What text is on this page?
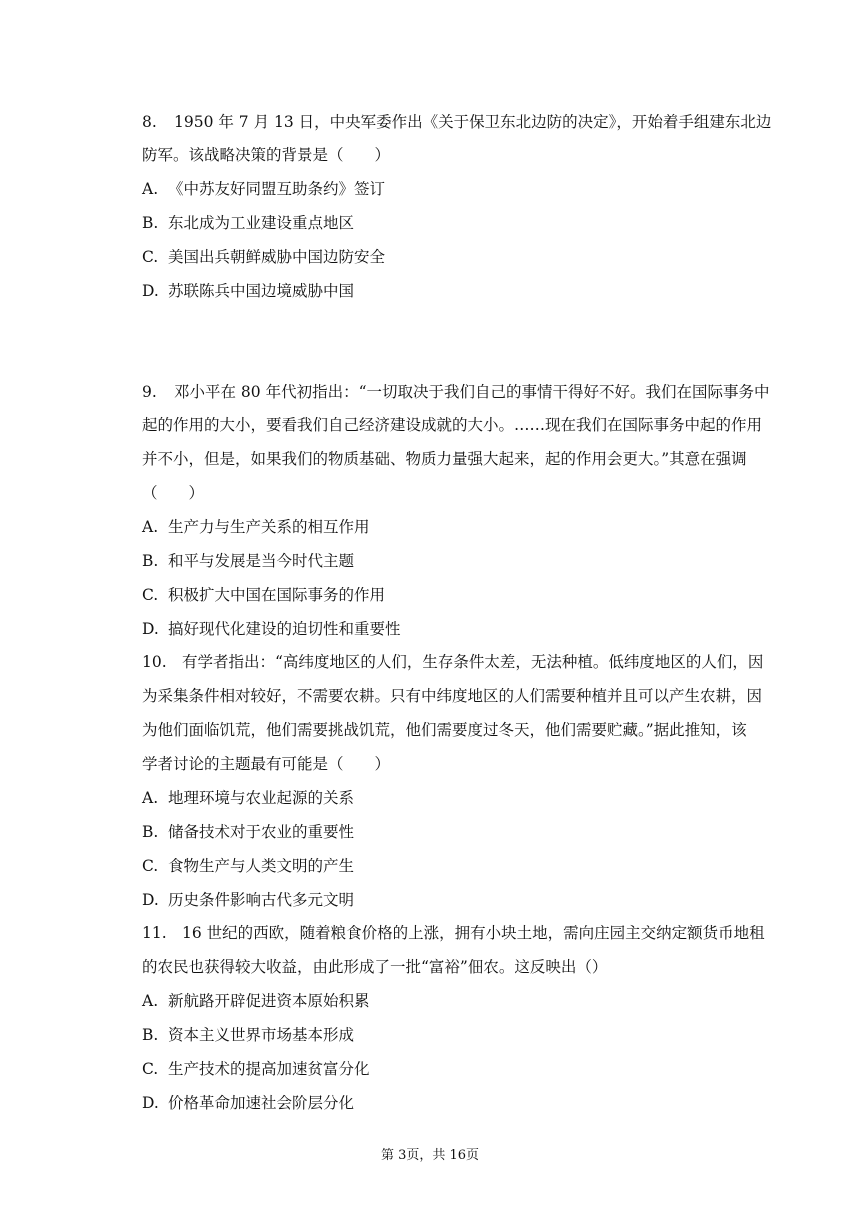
8. 1950 年 7 月 13 日，中央军委作出《关于保卫东北边防的决定》，开始着手组建东北边
防军。该战略决策的背景是（　　）
A. 《中苏友好同盟互助条约》签订
B. 东北成为工业建设重点地区
C. 美国出兵朝鲜威胁中国边防安全
D. 苏联陈兵中国边境威胁中国
9. 邓小平在 80 年代初指出：“一切取决于我们自己的事情干得好不好。我们在国际事务中
起的作用的大小，要看我们自己经济建设成就的大小。……现在我们在国际事务中起的作用
并不小，但是，如果我们的物质基础、物质力量强大起来，起的作用会更大。”其意在强调
（　　）
A. 生产力与生产关系的相互作用
B. 和平与发展是当今时代主题
C. 积极扩大中国在国际事务的作用
D. 搞好现代化建设的迫切性和重要性
10. 有学者指出：“高纬度地区的人们，生存条件太差，无法种植。低纬度地区的人们，因
为采集条件相对较好，不需要农耕。只有中纬度地区的人们需要种植并且可以产生农耕，因
为他们面临饥荒，他们需要挑战饥荒，他们需要度过冬天，他们需要贮藏。”据此推知，该
学者讨论的主题最有可能是（　　）
A. 地理环境与农业起源的关系
B. 储备技术对于农业的重要性
C. 食物生产与人类文明的产生
D. 历史条件影响古代多元文明
11. 16 世纪的西欧，随着粮食价格的上涨，拥有小块土地，需向庄园主交纳定额货币地租
的农民也获得较大收益，由此形成了一批“富裕”佃农。这反映出（）
A. 新航路开辟促进资本原始积累
B. 资本主义世界市场基本形成
C. 生产技术的提高加速贫富分化
D. 价格革命加速社会阶层分化
第 3页，共 16页
